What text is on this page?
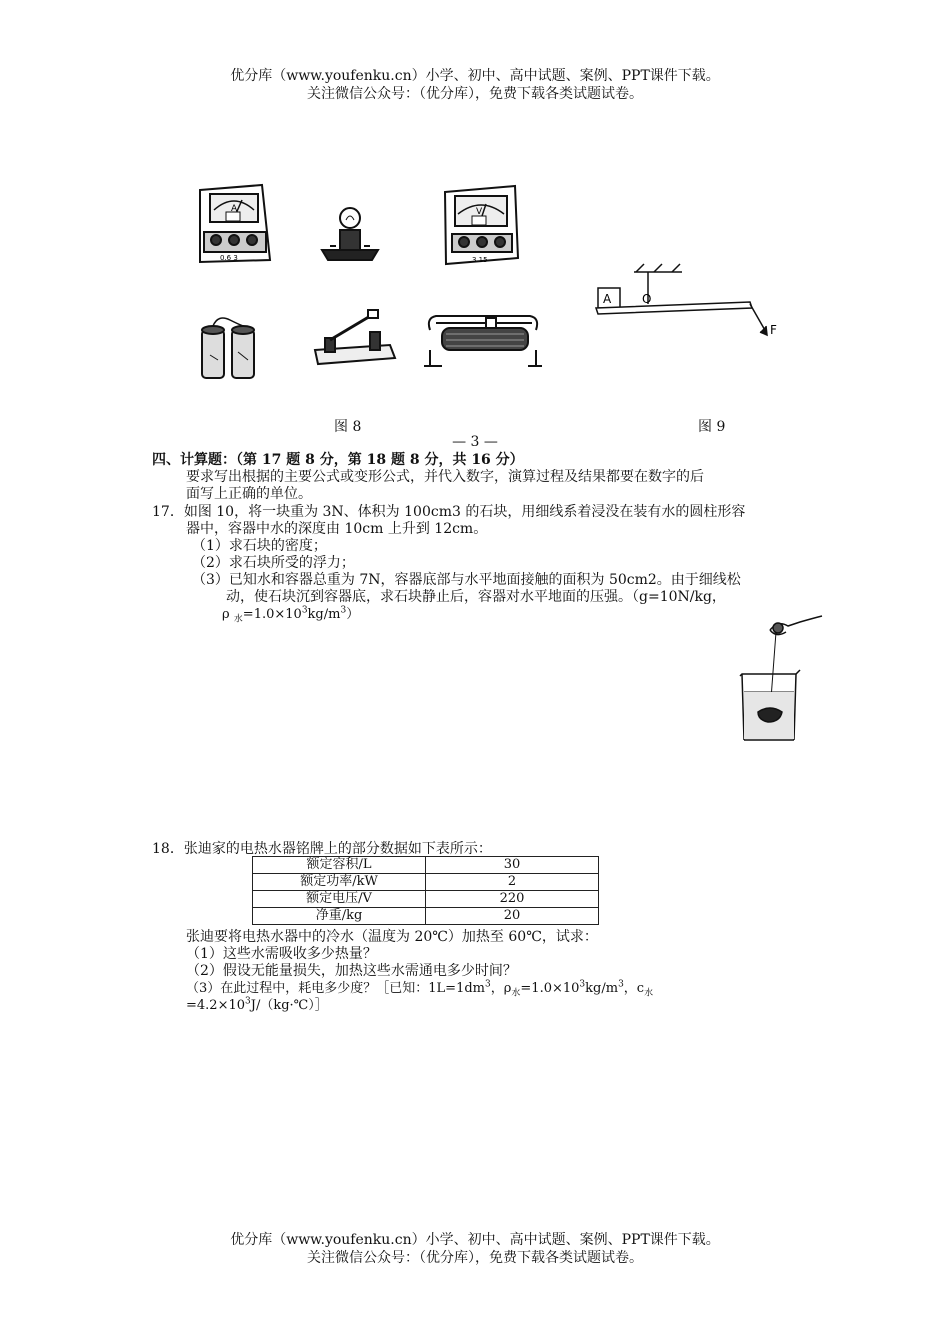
优分库（www.youfenku.cn）小学、初中、高中试题、案例、PPT课件下载。
关注微信公众号：（优分库），免费下载各类试题试卷。
A
0.6 3
V
3 15
A	O
F
图 8	图 9
— 3 —
四、计算题：（第 17 题 8 分，第 18 题 8 分，共 16 分）
要求写出根据的主要公式或变形公式，并代入数字，演算过程及结果都要在数字的后
面写上正确的单位。
17．如图 10，将一块重为 3N、体积为 100cm3 的石块，用细线系着浸没在装有水的圆柱形容
器中，容器中水的深度由 10cm 上升到 12cm。
（1）求石块的密度；
（2）求石块所受的浮力；
（3）已知水和容器总重为 7N，容器底部与水平地面接触的面积为 50cm2。由于细线松
动，使石块沉到容器底，求石块静止后，容器对水平地面的压强。（g=10N/kg，
ρ $_水=1.0\times 10^3kg/m^3$）
18．张迪家的电热水器铭牌上的部分数据如下表所示：
额定容积/L	30
额定功率/kW	2
额定电压/V	220
净重/kg	20
张迪要将电热水器中的冷水（温度为 20℃）加热至 60℃，试求：
（1）这些水需吸收多少热量？
（2）假设无能量损失，加热这些水需通电多少时间？
（3）在此过程中，耗电多少度？［已知：$1L=1dm^3$，$\rho_水=1.0\times 10^3kg/m^3$，$c_水$
$=4.2\times 10^3J/(kg\cdot℃)]$
优分库（www.youfenku.cn）小学、初中、高中试题、案例、PPT课件下载。
关注微信公众号：（优分库），免费下载各类试题试卷。
